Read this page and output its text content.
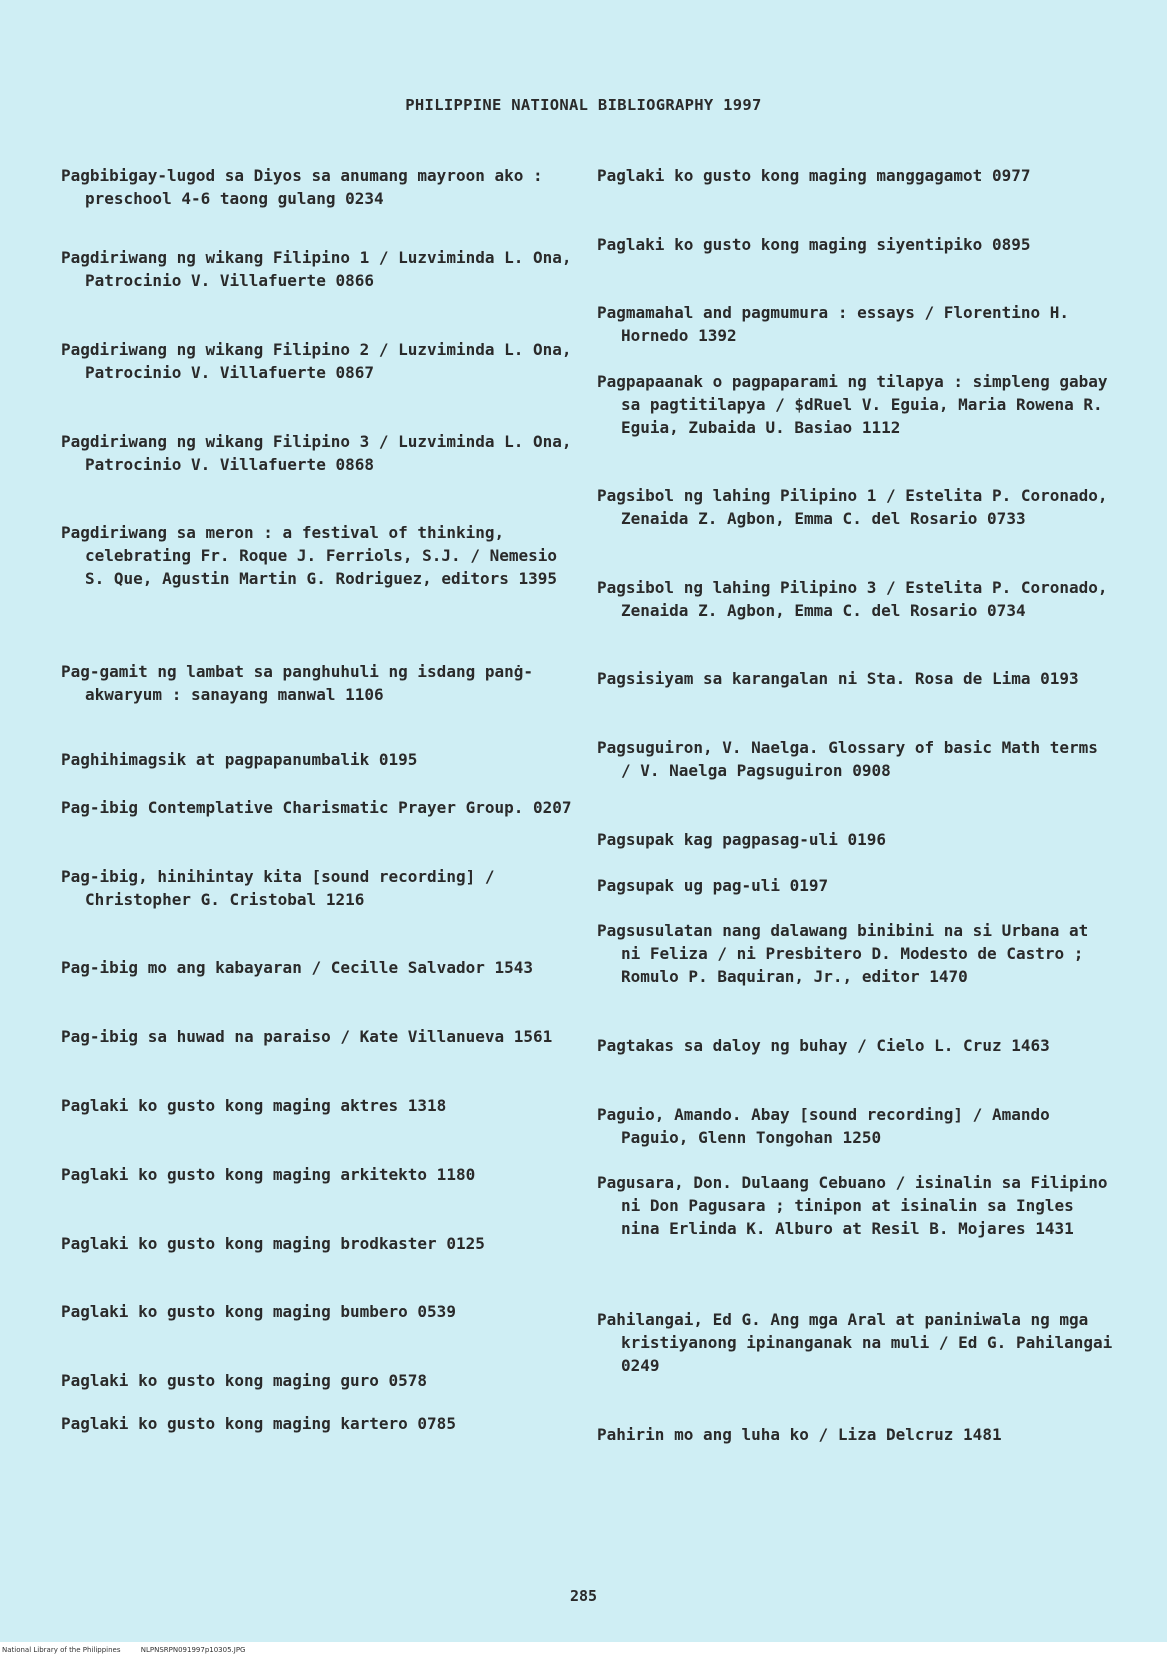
PHILIPPINE NATIONAL BIBLIOGRAPHY 1997
Pagbibigay-lugod sa Diyos sa anumang mayroon ako : preschool 4-6 taong gulang 0234
Pagdiriwang ng wikang Filipino 1 / Luzviminda L. Ona, Patrocinio V. Villafuerte 0866
Pagdiriwang ng wikang Filipino 2 / Luzviminda L. Ona, Patrocinio V. Villafuerte 0867
Pagdiriwang ng wikang Filipino 3 / Luzviminda L. Ona, Patrocinio V. Villafuerte 0868
Pagdiriwang sa meron : a festival of thinking, celebrating Fr. Roque J. Ferriols, S.J. / Nemesio S. Que, Agustin Martin G. Rodriguez, editors 1395
Pag-gamit ng lambat sa panghuhuli ng isdang panġ-akwaryum : sanayang manwal 1106
Paghihimagsik at pagpapanumbalik 0195
Pag-ibig Contemplative Charismatic Prayer Group. 0207
Pag-ibig, hinihintay kita [sound recording] / Christopher G. Cristobal 1216
Pag-ibig mo ang kabayaran / Cecille Salvador 1543
Pag-ibig sa huwad na paraiso / Kate Villanueva 1561
Paglaki ko gusto kong maging aktres 1318
Paglaki ko gusto kong maging arkitekto 1180
Paglaki ko gusto kong maging brodkaster 0125
Paglaki ko gusto kong maging bumbero 0539
Paglaki ko gusto kong maging guro 0578
Paglaki ko gusto kong maging kartero 0785
Paglaki ko gusto kong maging manggagamot 0977
Paglaki ko gusto kong maging siyentipiko 0895
Pagmamahal and pagmumura : essays / Florentino H. Hornedo 1392
Pagpapaanak o pagpaparami ng tilapya : simpleng gabay sa pagtitilapya / $dRuel V. Eguia, Maria Rowena R. Eguia, Zubaida U. Basiao 1112
Pagsibol ng lahing Pilipino 1 / Estelita P. Coronado, Zenaida Z. Agbon, Emma C. del Rosario 0733
Pagsibol ng lahing Pilipino 3 / Estelita P. Coronado, Zenaida Z. Agbon, Emma C. del Rosario 0734
Pagsisiyam sa karangalan ni Sta. Rosa de Lima 0193
Pagsuguiron, V. Naelga. Glossary of basic Math terms / V. Naelga Pagsuguiron 0908
Pagsupak kag pagpasag-uli 0196
Pagsupak ug pag-uli 0197
Pagsusulatan nang dalawang binibini na si Urbana at ni Feliza / ni Presbitero D. Modesto de Castro ; Romulo P. Baquiran, Jr., editor 1470
Pagtakas sa daloy ng buhay / Cielo L. Cruz 1463
Paguio, Amando. Abay [sound recording] / Amando Paguio, Glenn Tongohan 1250
Pagusara, Don. Dulaang Cebuano / isinalin sa Filipino ni Don Pagusara ; tinipon at isinalin sa Ingles nina Erlinda K. Alburo at Resil B. Mojares 1431
Pahilangai, Ed G. Ang mga Aral at paniniwala ng mga kristiyanong ipinanganak na muli / Ed G. Pahilangai 0249
Pahirin mo ang luha ko / Liza Delcruz 1481
285
National Library of the Philippines	NLPNSRPN091997p10305.JPG
